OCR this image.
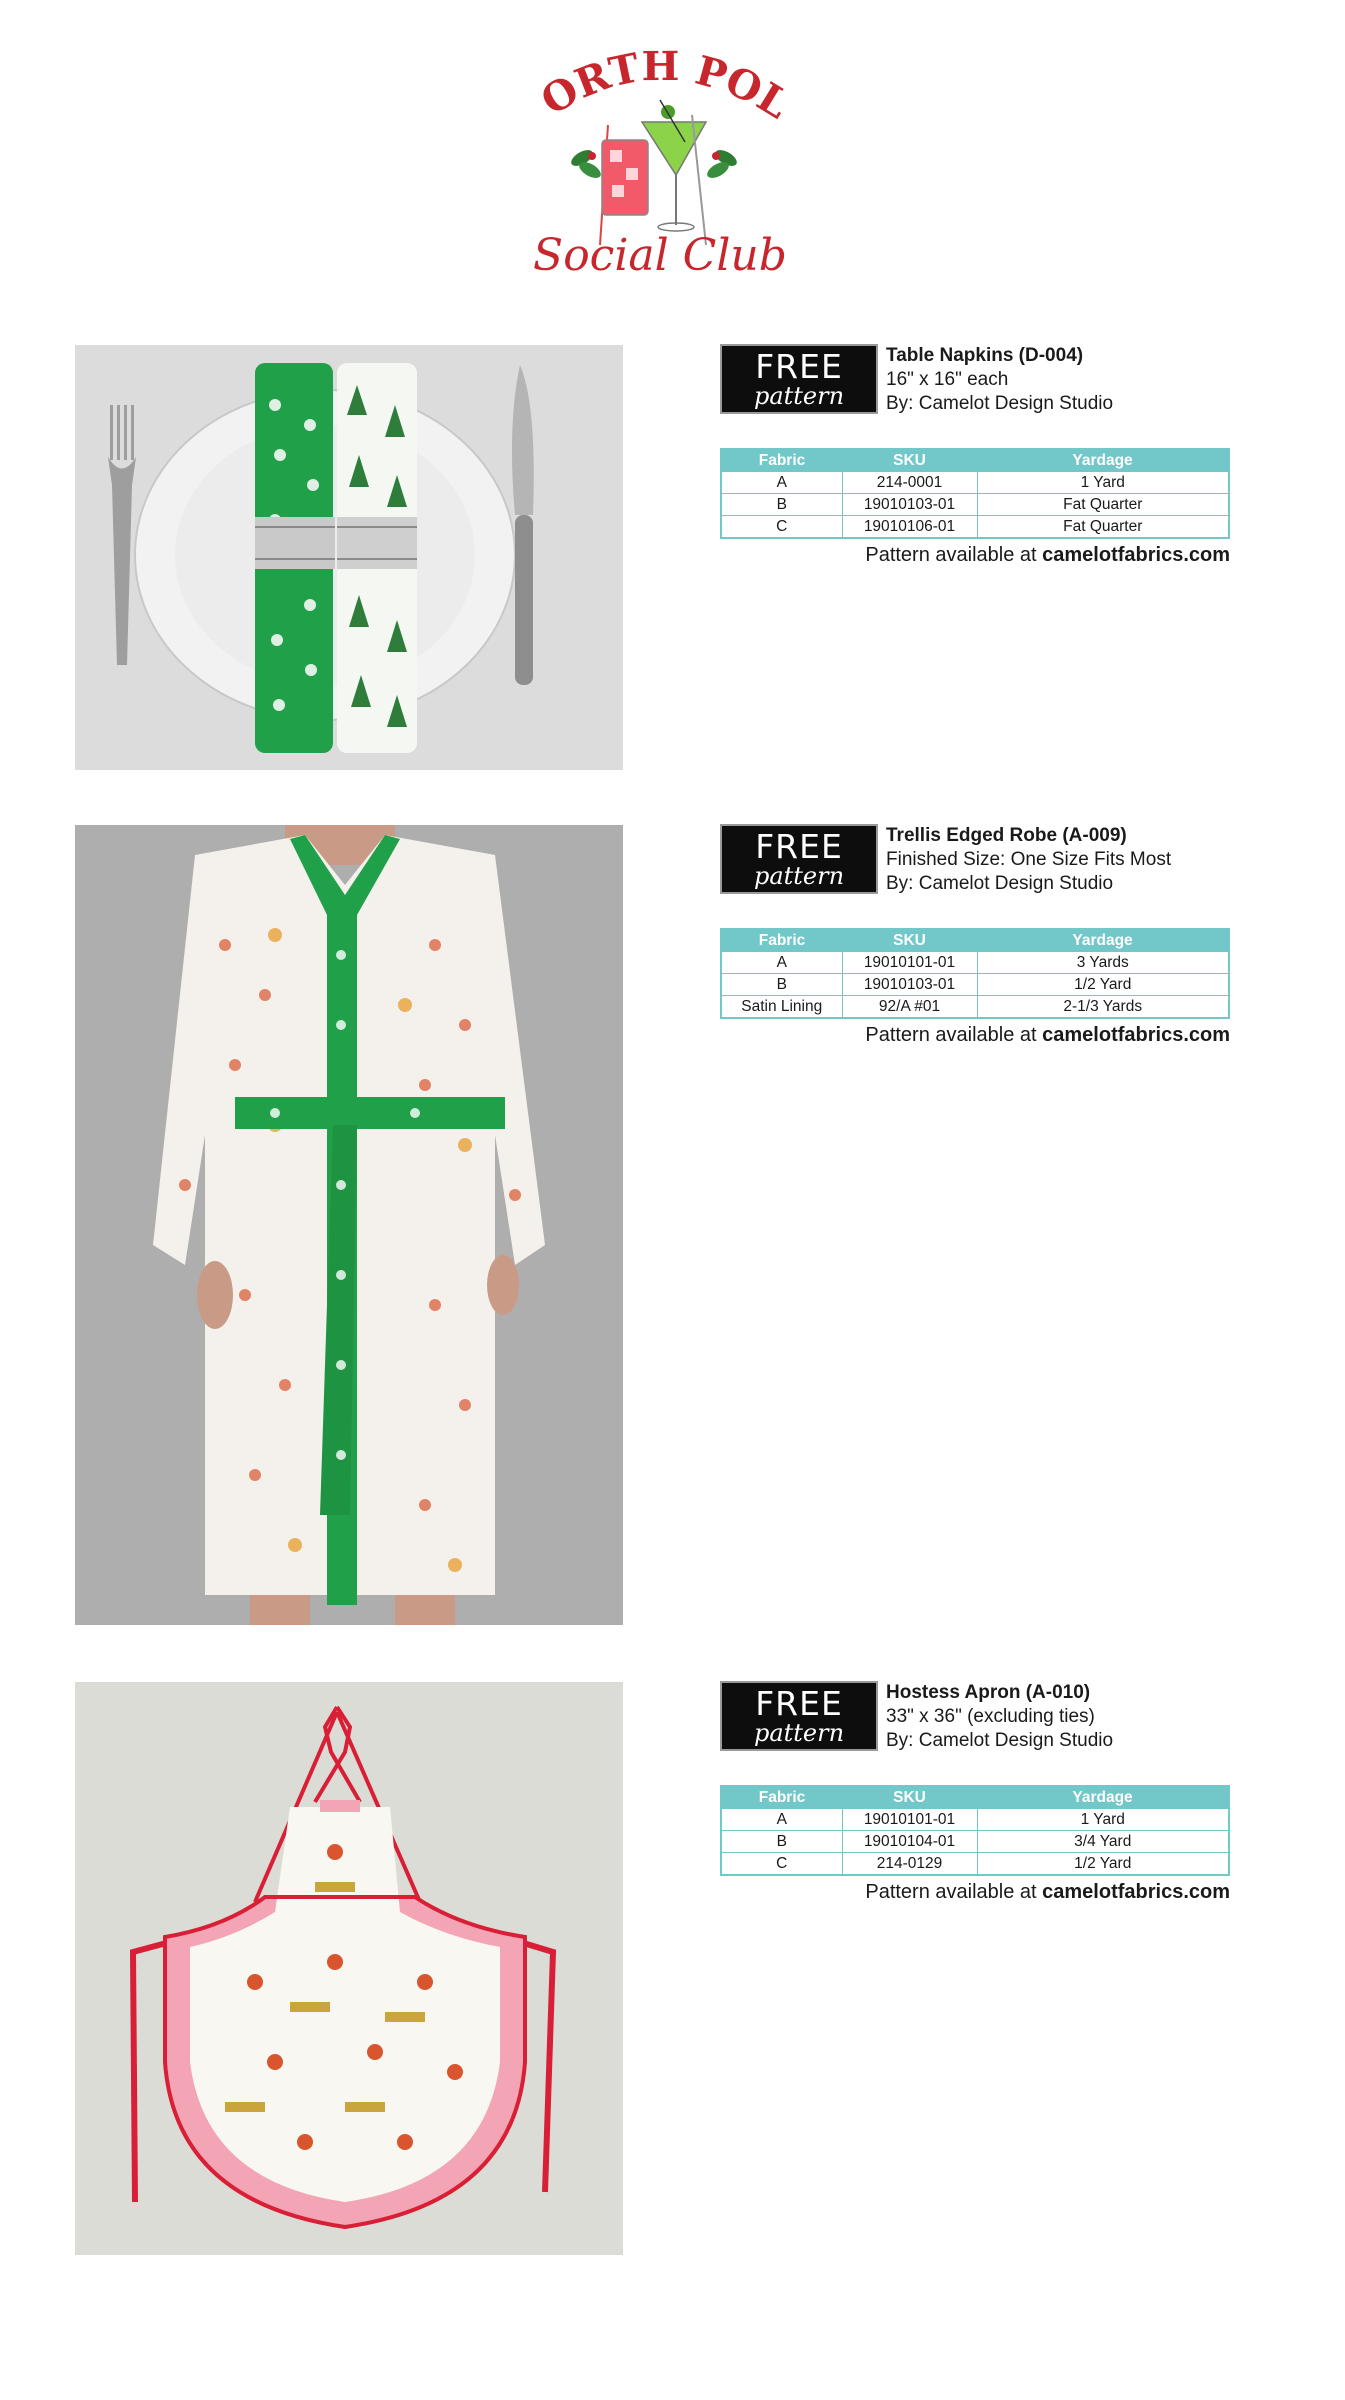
ORTH POL
Social Club
FREE
pattern
Table Napkins (D-004)
16" x 16" each
By: Camelot Design Studio
Fabric	SKU	Yardage
A	214-0001	1 Yard
B	19010103-01	Fat Quarter
C	19010106-01	Fat Quarter
Pattern available at camelotfabrics.com
FREE
pattern
Trellis Edged Robe (A-009)
Finished Size: One Size Fits Most
By: Camelot Design Studio
Fabric	SKU	Yardage
A	19010101-01	3 Yards
B	19010103-01	1/2 Yard
Satin Lining	92/A #01	2-1/3 Yards
Pattern available at camelotfabrics.com
FREE
pattern
Hostess Apron (A-010)
33" x 36" (excluding ties)
By: Camelot Design Studio
Fabric	SKU	Yardage
A	19010101-01	1 Yard
B	19010104-01	3/4 Yard
C	214-0129	1/2 Yard
Pattern available at camelotfabrics.com
